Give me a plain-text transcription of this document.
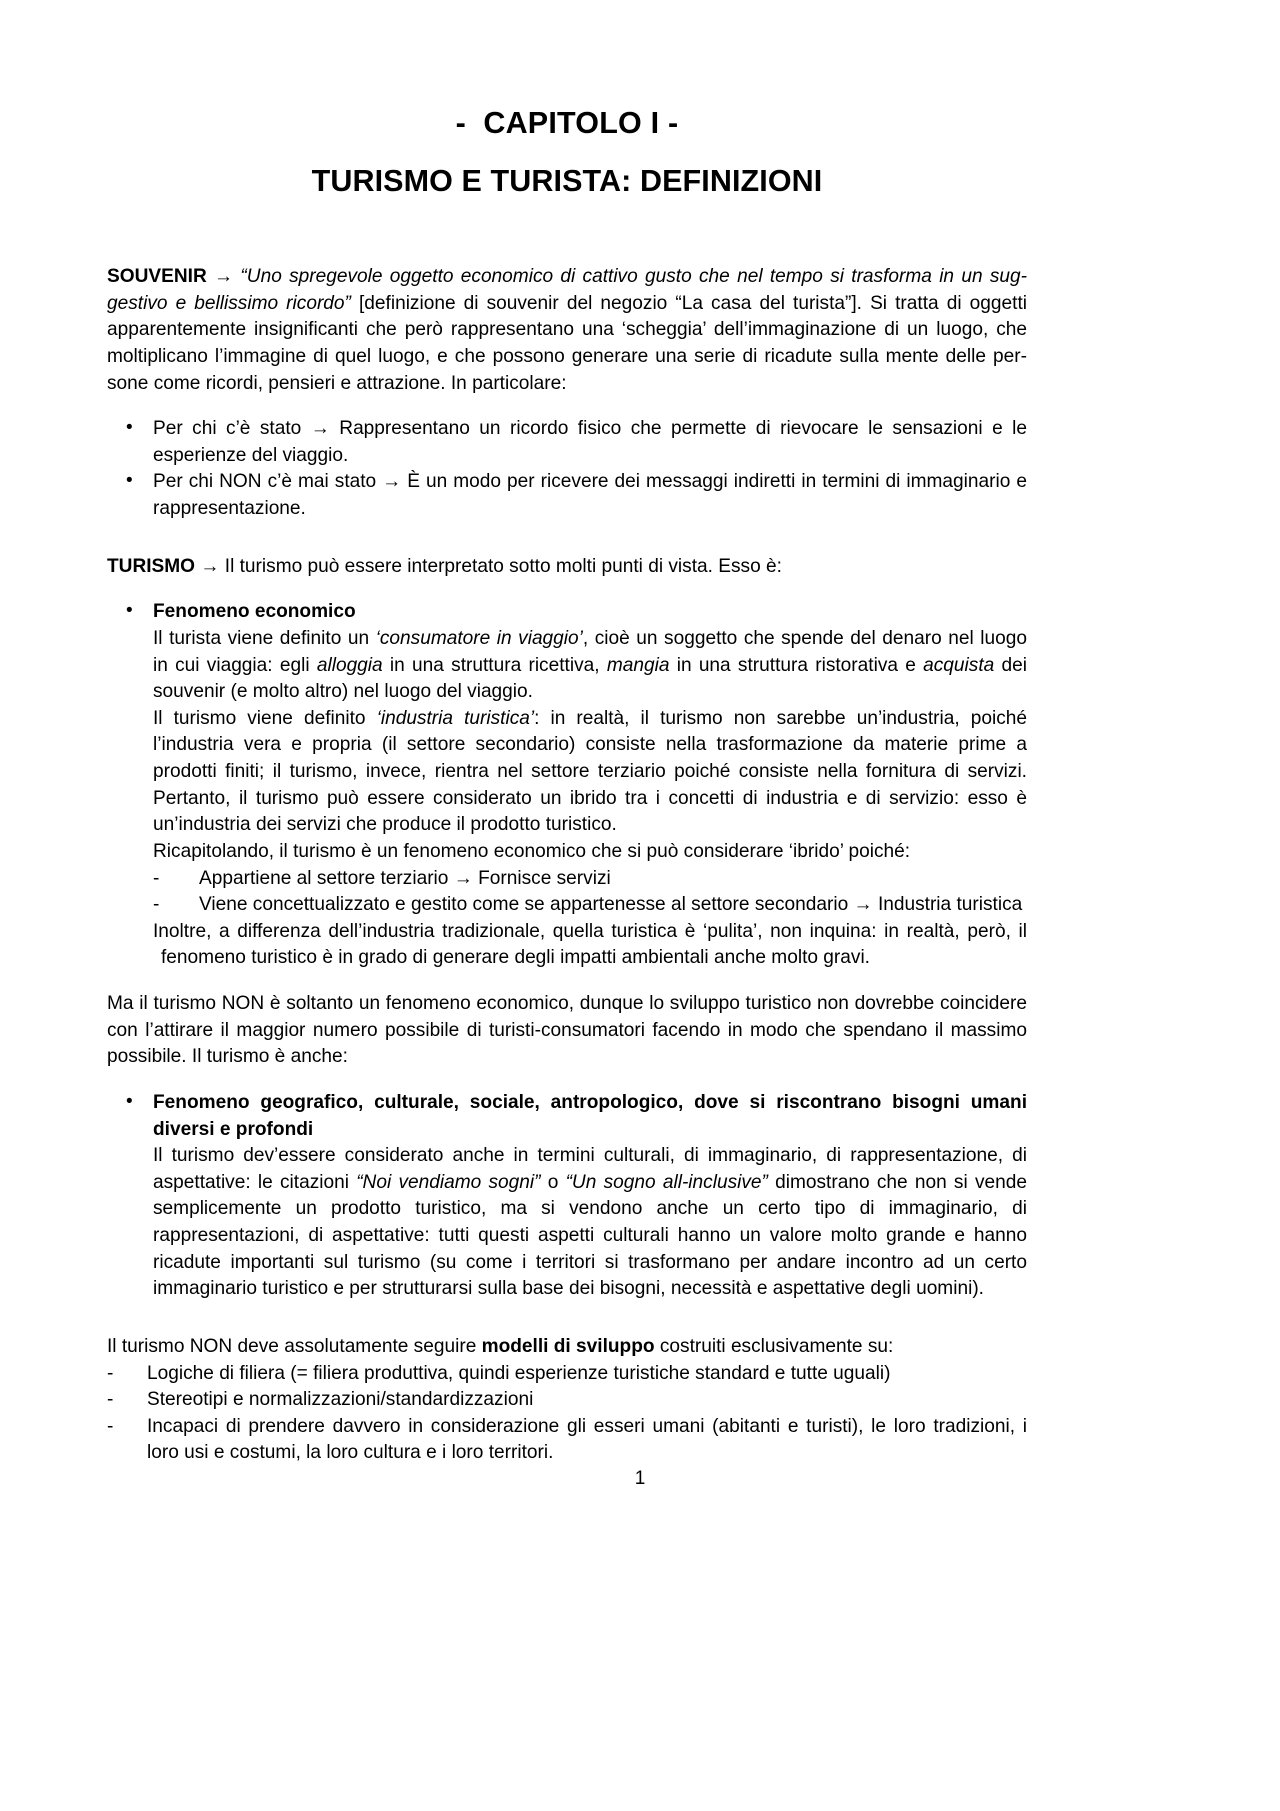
-  CAPITOLO I -
TURISMO E TURISTA: DEFINIZIONI

SOUVENIR → “Uno spregevole oggetto economico di cattivo gusto che nel tempo si trasforma in un sug-gestivo e bellissimo ricordo” [definizione di souvenir del negozio “La casa del turista”]. Si tratta di oggetti apparentemente insignificanti che però rappresentano una ‘scheggia’ dell’immaginazione di un luogo, che moltiplicano l’immagine di quel luogo, e che possono generare una serie di ricadute sulla mente delle per-sone come ricordi, pensieri e attrazione. In particolare:

• Per chi c’è stato → Rappresentano un ricordo fisico che permette di rievocare le sensazioni e le esperienze del viaggio.
• Per chi NON c’è mai stato → È un modo per ricevere dei messaggi indiretti in termini di immaginario e rappresentazione.

TURISMO → Il turismo può essere interpretato sotto molti punti di vista. Esso è:

• Fenomeno economico
Il turista viene definito un ‘consumatore in viaggio’, cioè un soggetto che spende del denaro nel luogo in cui viaggia: egli alloggia in una struttura ricettiva, mangia in una struttura ristorativa e acquista dei souvenir (e molto altro) nel luogo del viaggio.
Il turismo viene definito ‘industria turistica’: in realtà, il turismo non sarebbe un’industria, poiché l’industria vera e propria (il settore secondario) consiste nella trasformazione da materie prime a prodotti finiti; il turismo, invece, rientra nel settore terziario poiché consiste nella fornitura di servizi. Pertanto, il turismo può essere considerato un ibrido tra i concetti di industria e di servizio: esso è un’industria dei servizi che produce il prodotto turistico.
Ricapitolando, il turismo è un fenomeno economico che si può considerare ‘ibrido’ poiché:
- Appartiene al settore terziario → Fornisce servizi
- Viene concettualizzato e gestito come se appartenesse al settore secondario → Industria turistica
Inoltre, a differenza dell’industria tradizionale, quella turistica è ‘pulita’, non inquina: in realtà, però, il fenomeno turistico è in grado di generare degli impatti ambientali anche molto gravi.

Ma il turismo NON è soltanto un fenomeno economico, dunque lo sviluppo turistico non dovrebbe coincidere con l’attirare il maggior numero possibile di turisti-consumatori facendo in modo che spendano il massimo possibile. Il turismo è anche:

• Fenomeno geografico, culturale, sociale, antropologico, dove si riscontrano bisogni umani diversi e profondi
Il turismo dev’essere considerato anche in termini culturali, di immaginario, di rappresentazione, di aspettative: le citazioni “Noi vendiamo sogni” o “Un sogno all-inclusive” dimostrano che non si vende semplicemente un prodotto turistico, ma si vendono anche un certo tipo di immaginario, di rappresentazioni, di aspettative: tutti questi aspetti culturali hanno un valore molto grande e hanno ricadute importanti sul turismo (su come i territori si trasformano per andare incontro ad un certo immaginario turistico e per strutturarsi sulla base dei bisogni, necessità e aspettative degli uomini).

Il turismo NON deve assolutamente seguire modelli di sviluppo costruiti esclusivamente su:

- Logiche di filiera (= filiera produttiva, quindi esperienze turistiche standard e tutte uguali)
- Stereotipi e normalizzazioni/standardizzazioni
- Incapaci di prendere davvero in considerazione gli esseri umani (abitanti e turisti), le loro tradizioni, i loro usi e costumi, la loro cultura e i loro territori.
1
